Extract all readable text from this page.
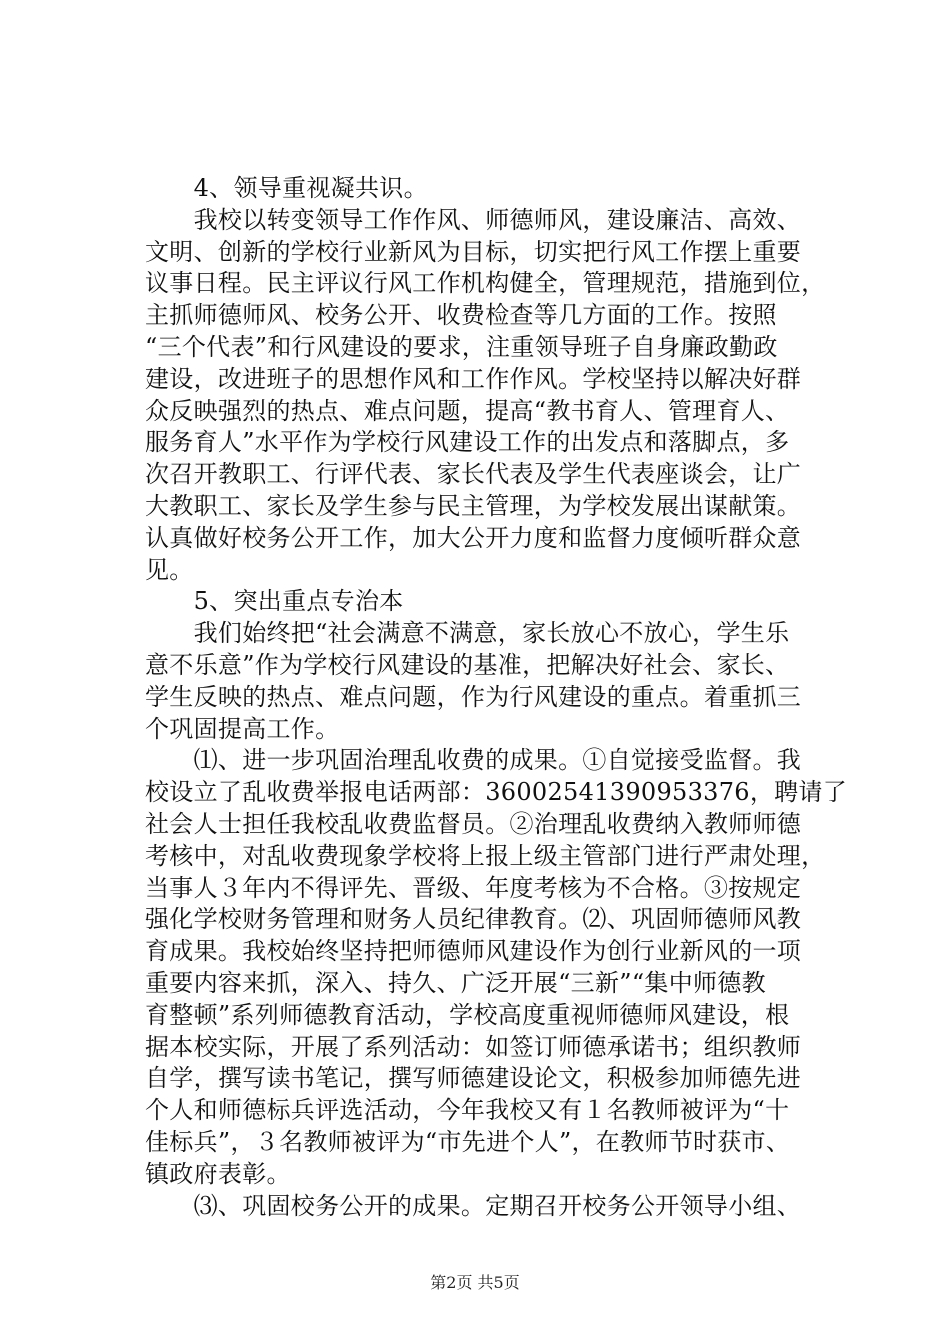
　　4、领导重视凝共识。
　　我校以转变领导工作作风、师德师风，建设廉洁、高效、
文明、创新的学校行业新风为目标，切实把行风工作摆上重要
议事日程。民主评议行风工作机构健全，管理规范，措施到位，
主抓师德师风、校务公开、收费检查等几方面的工作。按照
“三个代表”和行风建设的要求，注重领导班子自身廉政勤政
建设，改进班子的思想作风和工作作风。学校坚持以解决好群
众反映强烈的热点、难点问题，提高“教书育人、管理育人、
服务育人”水平作为学校行风建设工作的出发点和落脚点，多
次召开教职工、行评代表、家长代表及学生代表座谈会，让广
大教职工、家长及学生参与民主管理，为学校发展出谋献策。
认真做好校务公开工作，加大公开力度和监督力度倾听群众意
见。
　　5、突出重点专治本
　　我们始终把“社会满意不满意，家长放心不放心，学生乐
意不乐意”作为学校行风建设的基准，把解决好社会、家长、
学生反映的热点、难点问题，作为行风建设的重点。着重抓三
个巩固提高工作。
　　⑴、进一步巩固治理乱收费的成果。①自觉接受监督。我
校设立了乱收费举报电话两部：36002541390953376，聘请了
社会人士担任我校乱收费监督员。②治理乱收费纳入教师师德
考核中，对乱收费现象学校将上报上级主管部门进行严肃处理，
当事人３年内不得评先、晋级、年度考核为不合格。③按规定
强化学校财务管理和财务人员纪律教育。⑵、巩固师德师风教
育成果。我校始终坚持把师德师风建设作为创行业新风的一项
重要内容来抓，深入、持久、广泛开展“三新”“集中师德教
育整顿”系列师德教育活动，学校高度重视师德师风建设，根
据本校实际，开展了系列活动：如签订师德承诺书；组织教师
自学，撰写读书笔记，撰写师德建设论文，积极参加师德先进
个人和师德标兵评选活动，今年我校又有１名教师被评为“十
佳标兵”，３名教师被评为“市先进个人”，在教师节时获市、
镇政府表彰。
　　⑶、巩固校务公开的成果。定期召开校务公开领导小组、
第2页 共5页
